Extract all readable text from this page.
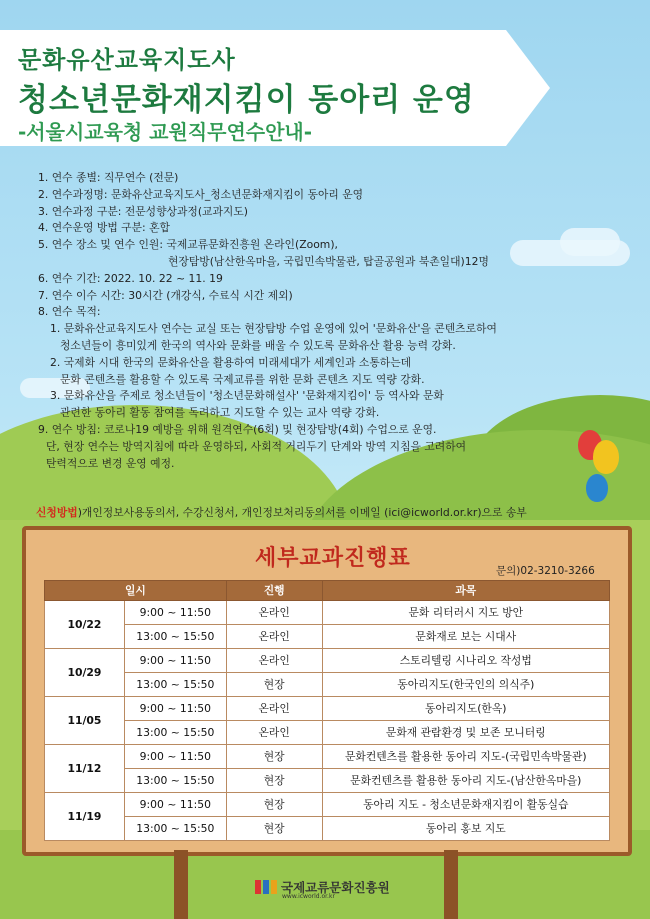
문화유산교육지도사
청소년문화재지킴이 동아리 운영
-서울시교육청 교원직무연수안내-
1. 연수 종별: 직무연수 (전문)
2. 연수과정명: 문화유산교육지도사_청소년문화재지킴이 동아리 운영
3. 연수과정 구분: 전문성향상과정(교과지도)
4. 연수운영 방법 구분: 혼합
5. 연수 장소 및 연수 인원: 국제교류문화진흥원 온라인(Zoom),
현장탐방(남산한옥마을, 국립민속박물관, 탑골공원과 북촌일대)12명
6. 연수 기간: 2022. 10. 22 ~ 11. 19
7. 연수 이수 시간: 30시간 (개강식, 수료식 시간 제외)
8. 연수 목적:
1. 문화유산교육지도사 연수는 교실 또는 현장탐방 수업 운영에 있어 '문화유산'을 콘텐츠로하여
청소년들이 흥미있게 한국의 역사와 문화를 배울 수 있도록 문화유산 활용 능력 강화.
2. 국제화 시대 한국의 문화유산을 활용하여 미래세대가 세계인과 소통하는데
문화 콘텐츠를 활용할 수 있도록 국제교류를 위한 문화 콘텐츠 지도 역량 강화.
3. 문화유산을 주제로 청소년들이 '청소년문화해설사' '문화재지킴이' 등 역사와 문화
관련한 동아리 활동 참여를 독려하고 지도할 수 있는 교사 역량 강화.
9. 연수 방침: 코로나19 예방을 위해 원격연수(6회) 및 현장탐방(4회) 수업으로 운영.
단, 현장 연수는 방역지침에 따라 운영하되, 사회적 거리두기 단계와 방역 지침을 고려하여
탄력적으로 변경 운영 예정.
신청방법)개인정보사용동의서, 수강신청서, 개인정보처리동의서를 이메일 (ici@icworld.or.kr)으로 송부
세부교과진행표	문의)02-3210-3266
일시		진행	과목
10/22	9:00 ~ 11:50	온라인	문화 리터러시 지도 방안
	13:00 ~ 15:50	온라인	문화재로 보는 시대사
10/29	9:00 ~ 11:50	온라인	스토리텔링 시나리오 작성법
	13:00 ~ 15:50	현장	동아리지도(한국인의 의식주)
11/05	9:00 ~ 11:50	온라인	동아리지도(한옥)
	13:00 ~ 15:50	온라인	문화재 관람환경 및 보존 모니터링
11/12	9:00 ~ 11:50	현장	문화컨텐츠를 활용한 동아리 지도-(국립민속박물관)
	13:00 ~ 15:50	현장	문화컨텐츠를 활용한 동아리 지도-(남산한옥마을)
11/19	9:00 ~ 11:50	현장	동아리 지도 - 청소년문화재지킴이 활동실습
	13:00 ~ 15:50	현장	동아리 홍보 지도
국제교류문화진흥원
www.icworld.or.kr
